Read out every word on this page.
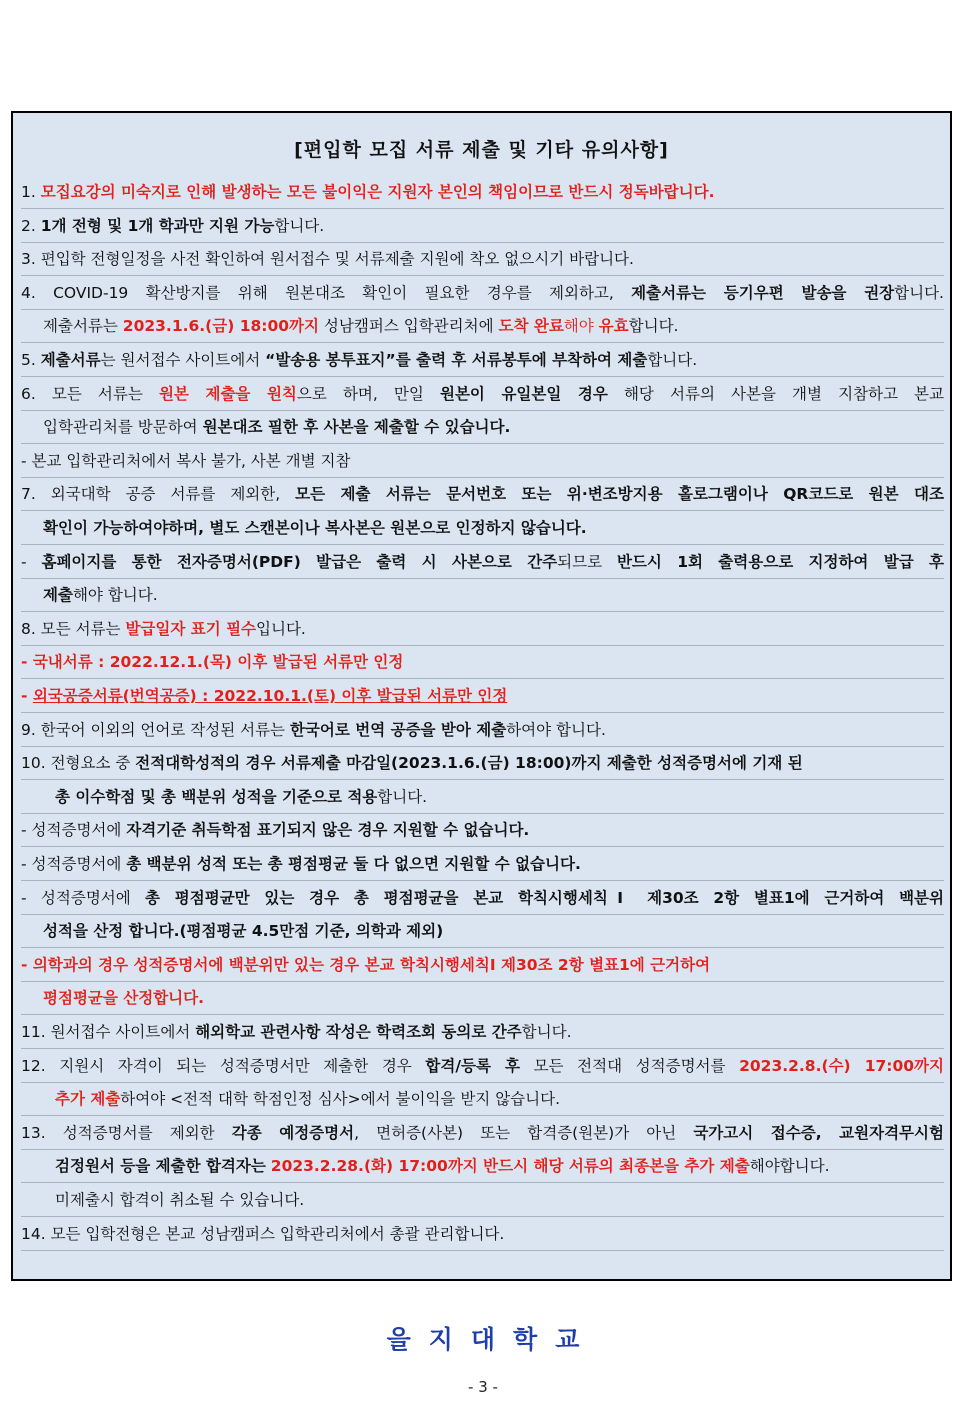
[편입학 모집 서류 제출 및 기타 유의사항]
1. 모집요강의 미숙지로 인해 발생하는 모든 불이익은 지원자 본인의 책임이므로 반드시 정독바랍니다.
2. 1개 전형 및 1개 학과만 지원 가능합니다.
3. 편입학 전형일정을 사전 확인하여 원서접수 및 서류제출 지원에 착오 없으시기 바랍니다.
4. COVID-19 확산방지를 위해 원본대조 확인이 필요한 경우를 제외하고, 제출서류는 등기우편 발송을 권장합니다.
제출서류는 2023.1.6.(금) 18:00까지 성남캠퍼스 입학관리처에 도착 완료해야 유효합니다.
5. 제출서류는 원서접수 사이트에서 “발송용 봉투표지”를 출력 후 서류봉투에 부착하여 제출합니다.
6. 모든 서류는 원본 제출을 원칙으로 하며, 만일 원본이 유일본일 경우 해당 서류의 사본을 개별 지참하고 본교
입학관리처를 방문하여 원본대조 필한 후 사본을 제출할 수 있습니다.
- 본교 입학관리처에서 복사 불가, 사본 개별 지참
7. 외국대학 공증 서류를 제외한, 모든 제출 서류는 문서번호 또는 위·변조방지용 홀로그램이나 QR코드로 원본 대조
확인이 가능하여야하며, 별도 스캔본이나 복사본은 원본으로 인정하지 않습니다.
- 홈페이지를 통한 전자증명서(PDF) 발급은 출력 시 사본으로 간주되므로 반드시 1회 출력용으로 지정하여 발급 후
제출해야 합니다.
8. 모든 서류는 발급일자 표기 필수입니다.
- 국내서류 : 2022.12.1.(목) 이후 발급된 서류만 인정
- 외국공증서류(번역공증) : 2022.10.1.(토) 이후 발급된 서류만 인정
9. 한국어 이외의 언어로 작성된 서류는 한국어로 번역 공증을 받아 제출하여야 합니다.
10. 전형요소 중 전적대학성적의 경우 서류제출 마감일(2023.1.6.(금) 18:00)까지 제출한 성적증명서에 기재 된
총 이수학점 및 총 백분위 성적을 기준으로 적용합니다.
- 성적증명서에 자격기준 취득학점 표기되지 않은 경우 지원할 수 없습니다.
- 성적증명서에 총 백분위 성적 또는 총 평점평균 둘 다 없으면 지원할 수 없습니다.
- 성적증명서에 총 평점평균만 있는 경우 총 평점평균을 본교 학칙시행세칙Ⅰ 제30조 2항 별표1에 근거하여 백분위
성적을 산정 합니다.(평점평균 4.5만점 기준, 의학과 제외)
- 의학과의 경우 성적증명서에 백분위만 있는 경우 본교 학칙시행세칙Ⅰ 제30조 2항 별표1에 근거하여
평점평균을 산정합니다.
11. 원서접수 사이트에서 해외학교 관련사항 작성은 학력조회 동의로 간주합니다.
12. 지원시 자격이 되는 성적증명서만 제출한 경우 합격/등록 후 모든 전적대 성적증명서를 2023.2.8.(수) 17:00까지
추가 제출하여야 <전적 대학 학점인정 심사>에서 불이익을 받지 않습니다.
13. 성적증명서를 제외한 각종 예정증명서, 면허증(사본) 또는 합격증(원본)가 아닌 국가고시 접수증, 교원자격무시험
검정원서 등을 제출한 합격자는 2023.2.28.(화) 17:00까지 반드시 해당 서류의 최종본을 추가 제출해야합니다.
미제출시 합격이 취소될 수 있습니다.
14. 모든 입학전형은 본교 성남캠퍼스 입학관리처에서 총괄 관리합니다.
을지대학교
- 3 -
